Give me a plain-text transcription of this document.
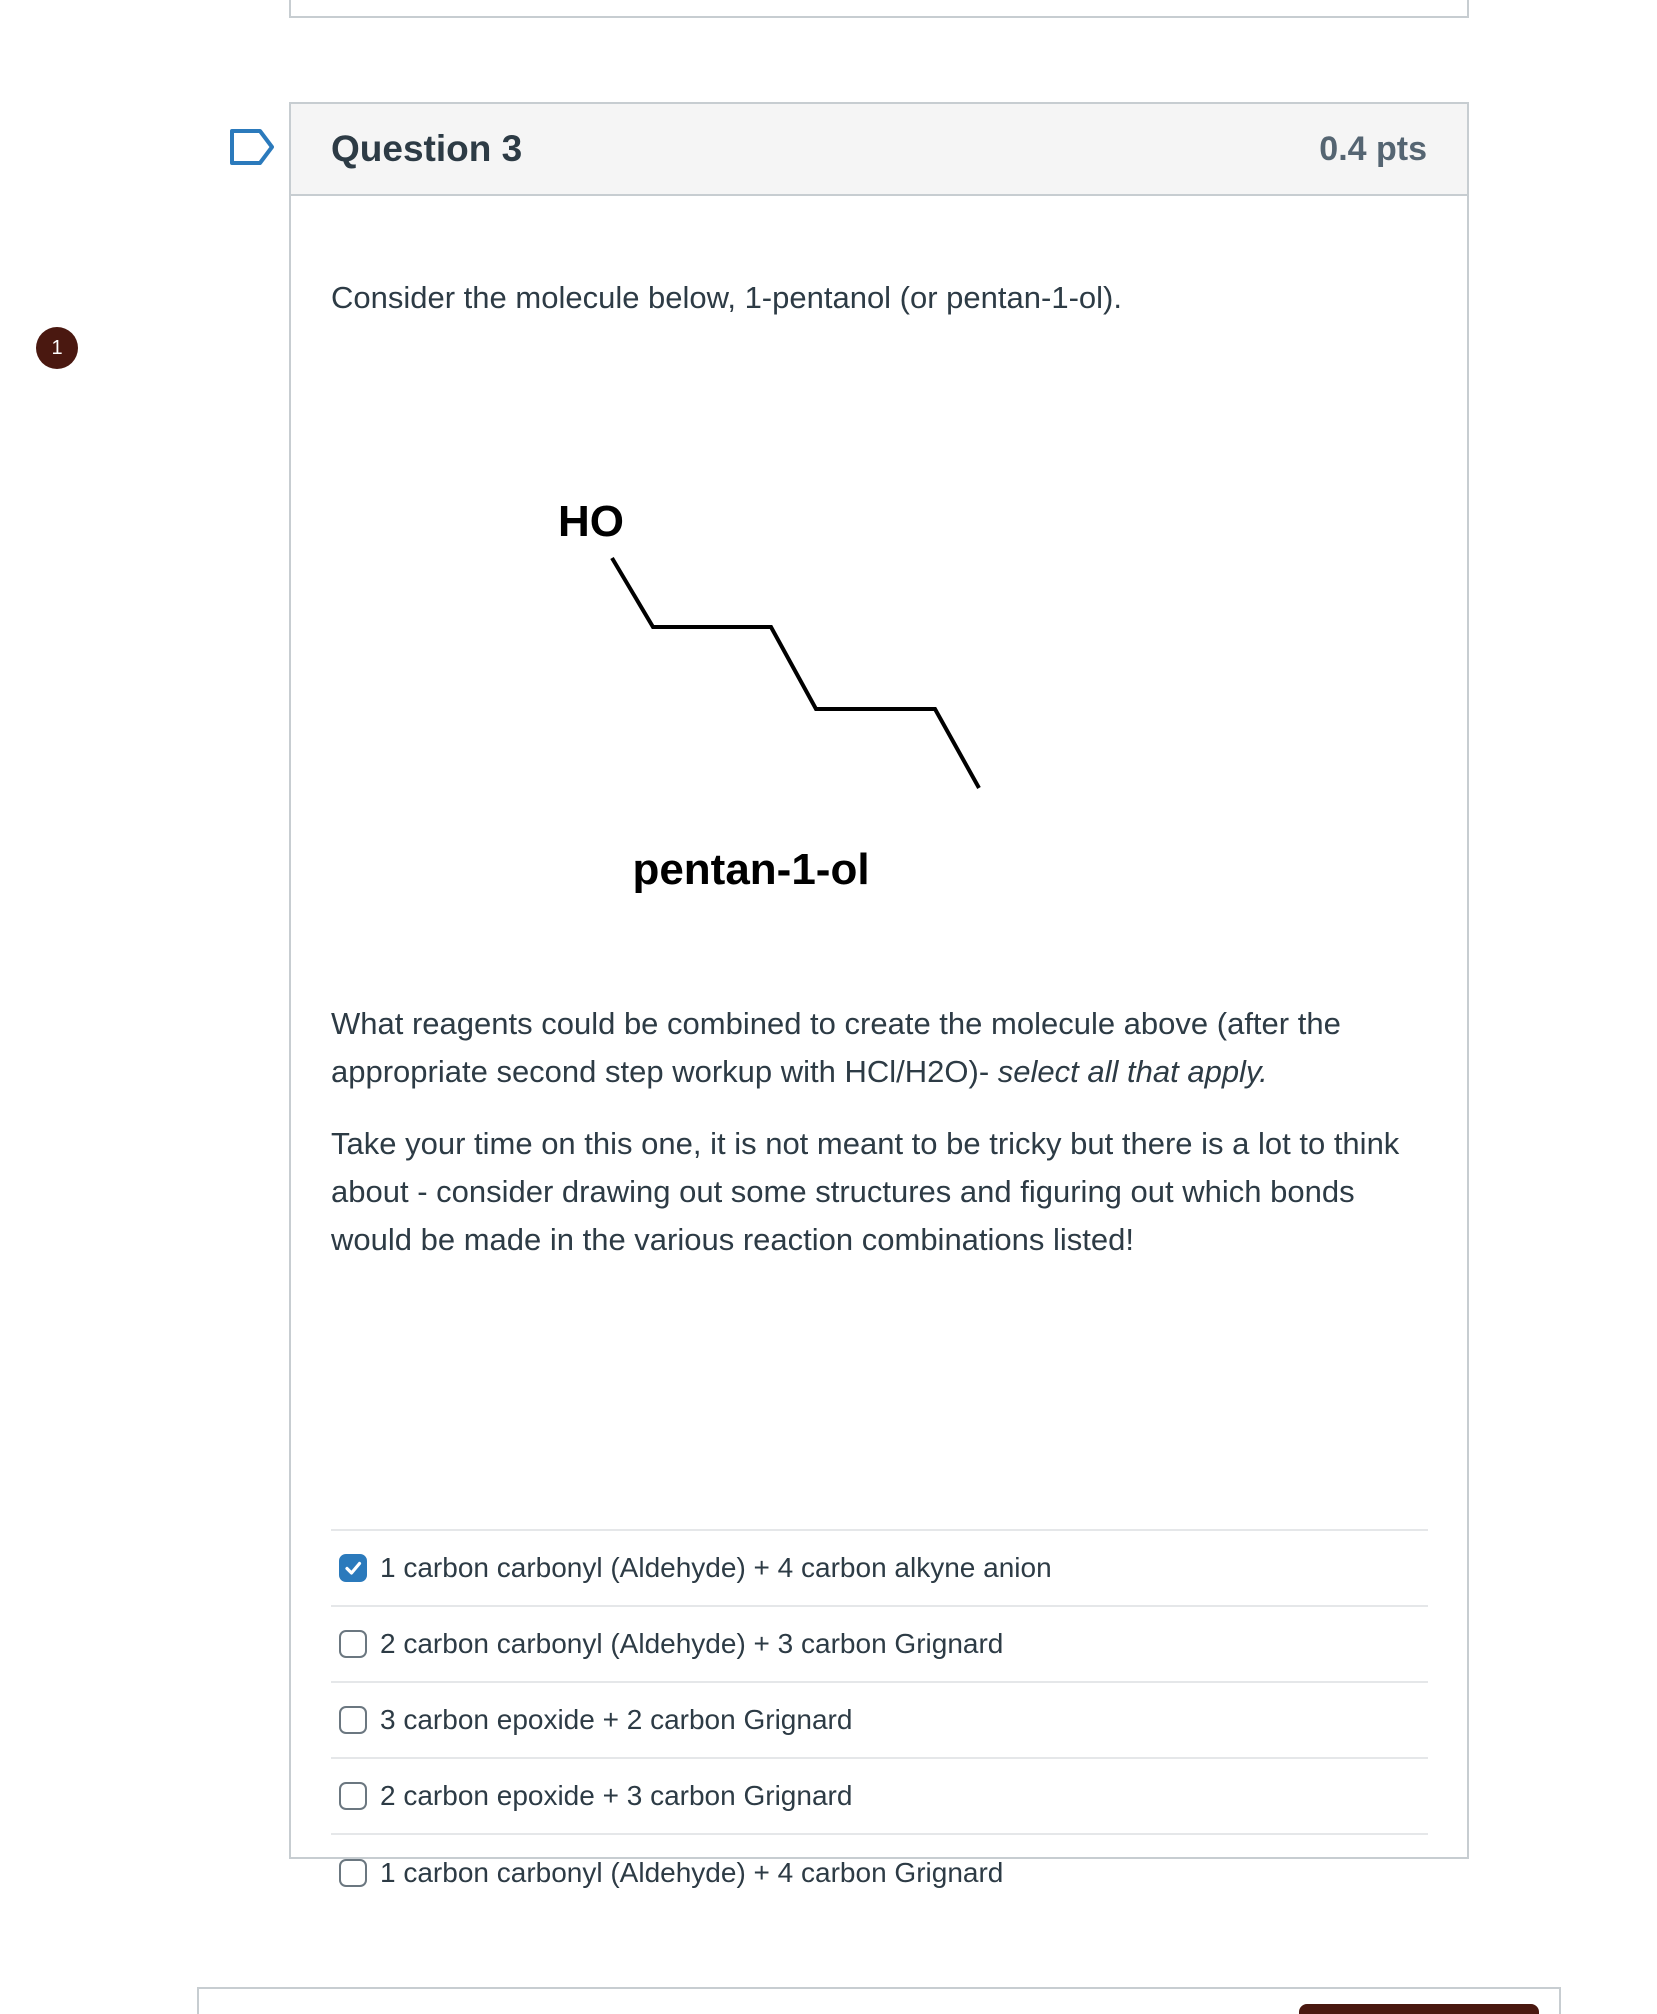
1
Question 3	0.4 pts
Consider the molecule below, 1-pentanol (or pentan-1-ol).
HO
pentan-1-ol
What reagents could be combined to create the molecule above (after the appropriate second step workup with HCl/H2O)- select all that apply.
Take your time on this one, it is not meant to be tricky but there is a lot to think about - consider drawing out some structures and figuring out which bonds would be made in the various reaction combinations listed!
1 carbon carbonyl (Aldehyde) + 4 carbon alkyne anion
2 carbon carbonyl (Aldehyde) + 3 carbon Grignard
3 carbon epoxide + 2 carbon Grignard
2 carbon epoxide + 3 carbon Grignard
1 carbon carbonyl (Aldehyde) + 4 carbon Grignard
